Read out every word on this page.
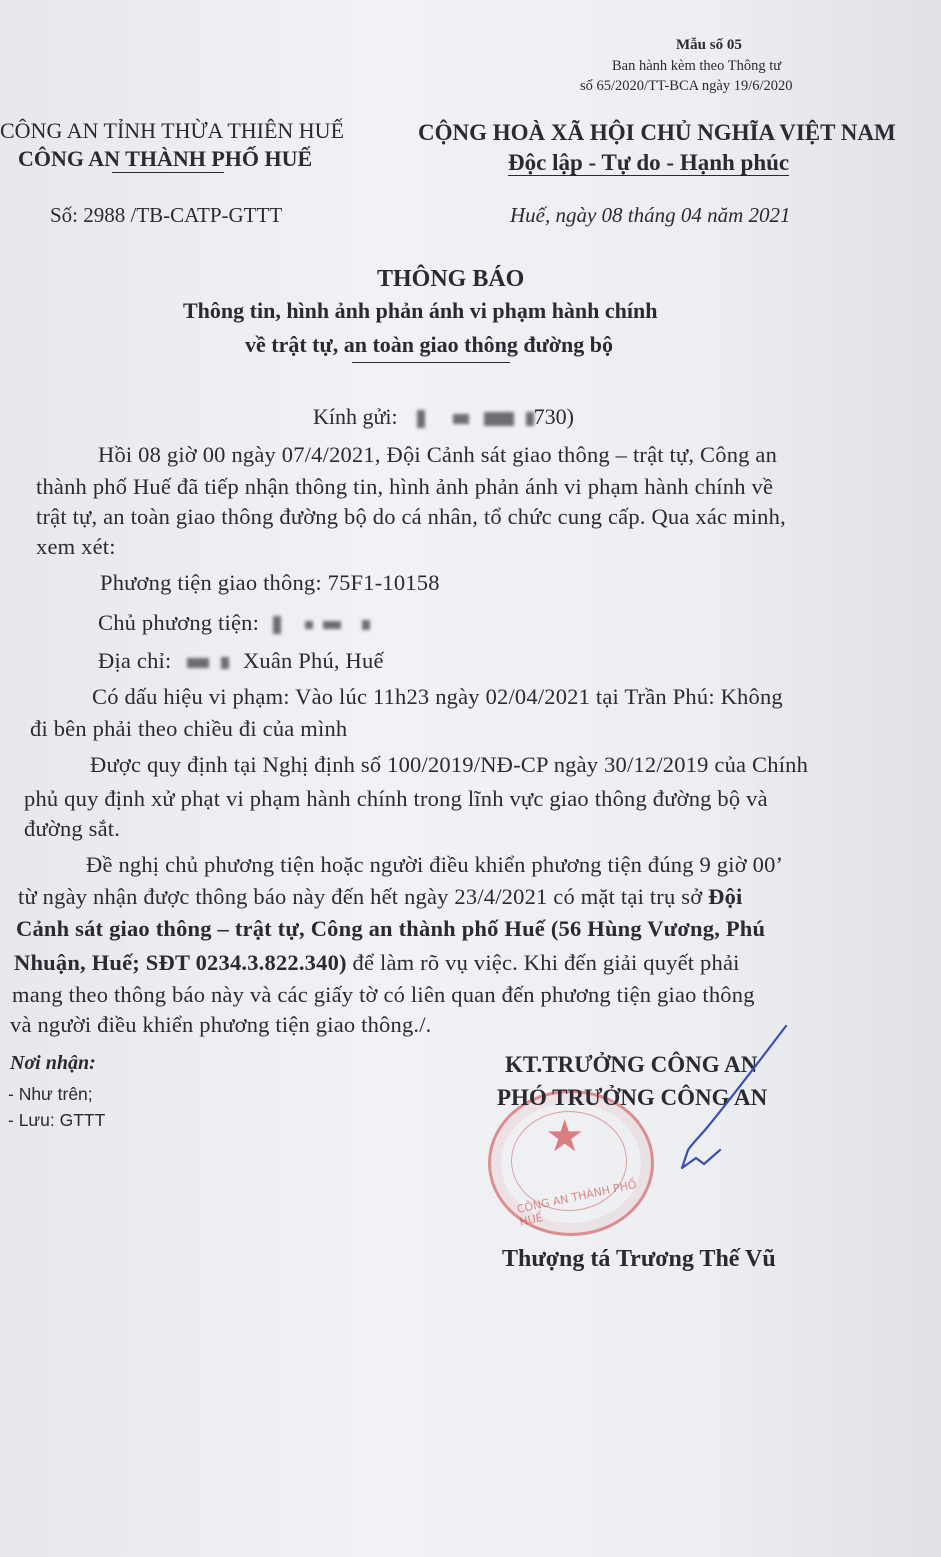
Mẫu số 05
Ban hành kèm theo Thông tư
số 65/2020/TT-BCA ngày 19/6/2020
CÔNG AN TỈNH THỪA THIÊN HUẾ
CÔNG AN THÀNH PHỐ HUẾ
Số: 2988 /TB-CATP-GTTT
CỘNG HOÀ XÃ HỘI CHỦ NGHĨA VIỆT NAM
Độc lập - Tự do - Hạnh phúc
Huế, ngày 08 tháng 04 năm 2021
THÔNG BÁO
Thông tin, hình ảnh phản ánh vi phạm hành chính
về trật tự, an toàn giao thông đường bộ
Kính gửi:	730)
Hồi 08 giờ 00 ngày 07/4/2021, Đội Cảnh sát giao thông – trật tự, Công an
thành phố Huế đã tiếp nhận thông tin, hình ảnh phản ánh vi phạm hành chính về
trật tự, an toàn giao thông đường bộ do cá nhân, tổ chức cung cấp. Qua xác minh,
xem xét:
Phương tiện giao thông: 75F1-10158
Chủ phương tiện:
Địa chỉ:	Xuân Phú, Huế
Có dấu hiệu vi phạm: Vào lúc 11h23 ngày 02/04/2021 tại Trần Phú: Không
đi bên phải theo chiều đi của mình
Được quy định tại Nghị định số 100/2019/NĐ-CP ngày 30/12/2019 của Chính
phủ quy định xử phạt vi phạm hành chính trong lĩnh vực giao thông đường bộ và
đường sắt.
Đề nghị chủ phương tiện hoặc người điều khiển phương tiện đúng 9 giờ 00’
từ ngày nhận được thông báo này đến hết ngày 23/4/2021 có mặt tại trụ sở Đội
Cảnh sát giao thông – trật tự, Công an thành phố Huế (56 Hùng Vương, Phú
Nhuận, Huế; SĐT 0234.3.822.340) để làm rõ vụ việc. Khi đến giải quyết phải
mang theo thông báo này và các giấy tờ có liên quan đến phương tiện giao thông
và người điều khiển phương tiện giao thông./.
Nơi nhận:
- Như trên;
- Lưu: GTTT	★
CÔNG AN THÀNH PHỐ HUẾ
KT.TRƯỞNG CÔNG AN
PHÓ TRƯỞNG CÔNG AN
Thượng tá Trương Thế Vũ
